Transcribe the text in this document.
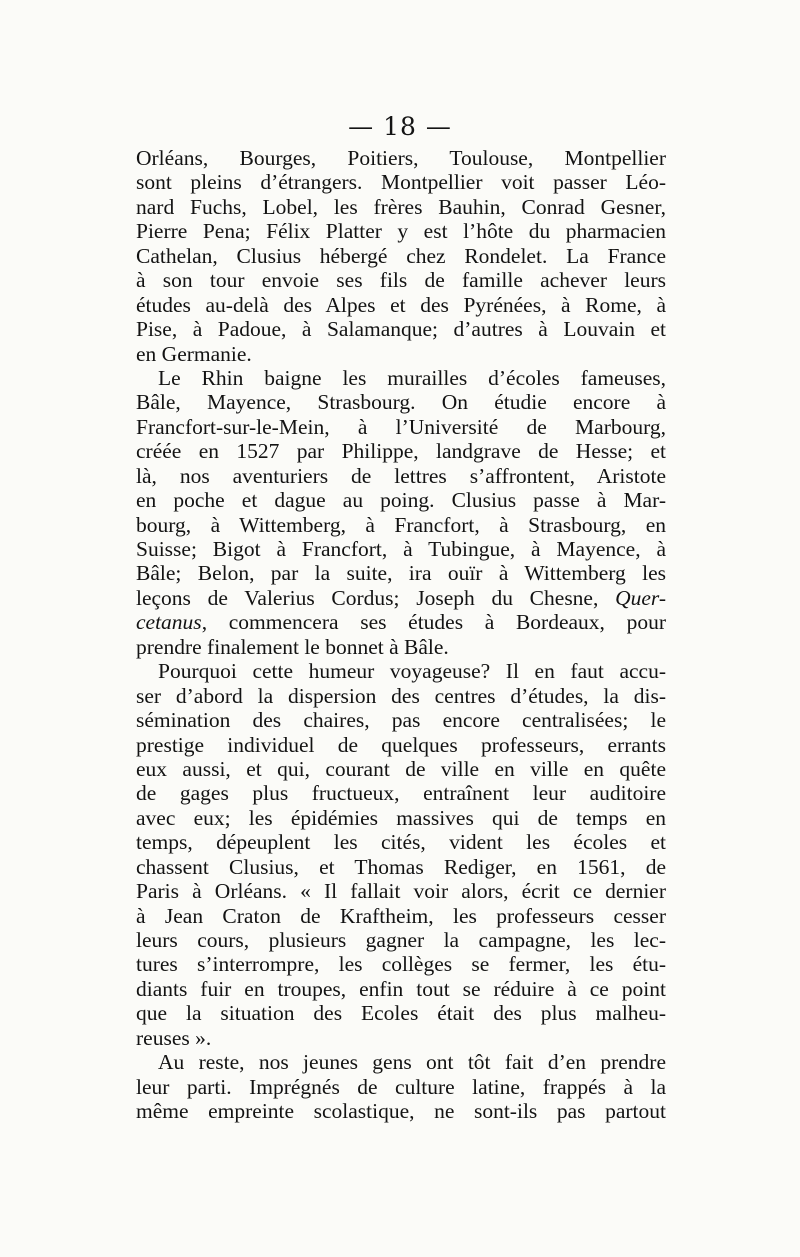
— 18 —
Orléans, Bourges, Poitiers, Toulouse, Montpellier
sont pleins d’étrangers. Montpellier voit passer Léo-
nard Fuchs, Lobel, les frères Bauhin, Conrad Gesner,
Pierre Pena; Félix Platter y est l’hôte du pharmacien
Cathelan, Clusius hébergé chez Rondelet. La France
à son tour envoie ses fils de famille achever leurs
études au-delà des Alpes et des Pyrénées, à Rome, à
Pise, à Padoue, à Salamanque; d’autres à Louvain et
en Germanie.
Le Rhin baigne les murailles d’écoles fameuses,
Bâle, Mayence, Strasbourg. On étudie encore à
Francfort-sur-le-Mein, à l’Université de Marbourg,
créée en 1527 par Philippe, landgrave de Hesse; et
là, nos aventuriers de lettres s’affrontent, Aristote
en poche et dague au poing. Clusius passe à Mar-
bourg, à Wittemberg, à Francfort, à Strasbourg, en
Suisse; Bigot à Francfort, à Tubingue, à Mayence, à
Bâle; Belon, par la suite, ira ouïr à Wittemberg les
leçons de Valerius Cordus; Joseph du Chesne, Quer-
cetanus, commencera ses études à Bordeaux, pour
prendre finalement le bonnet à Bâle.
Pourquoi cette humeur voyageuse? Il en faut accu-
ser d’abord la dispersion des centres d’études, la dis-
sémination des chaires, pas encore centralisées; le
prestige individuel de quelques professeurs, errants
eux aussi, et qui, courant de ville en ville en quête
de gages plus fructueux, entraînent leur auditoire
avec eux; les épidémies massives qui de temps en
temps, dépeuplent les cités, vident les écoles et
chassent Clusius, et Thomas Rediger, en 1561, de
Paris à Orléans. « Il fallait voir alors, écrit ce dernier
à Jean Craton de Kraftheim, les professeurs cesser
leurs cours, plusieurs gagner la campagne, les lec-
tures s’interrompre, les collèges se fermer, les étu-
diants fuir en troupes, enfin tout se réduire à ce point
que la situation des Ecoles était des plus malheu-
reuses ».
Au reste, nos jeunes gens ont tôt fait d’en prendre
leur parti. Imprégnés de culture latine, frappés à la
même empreinte scolastique, ne sont-ils pas partout
